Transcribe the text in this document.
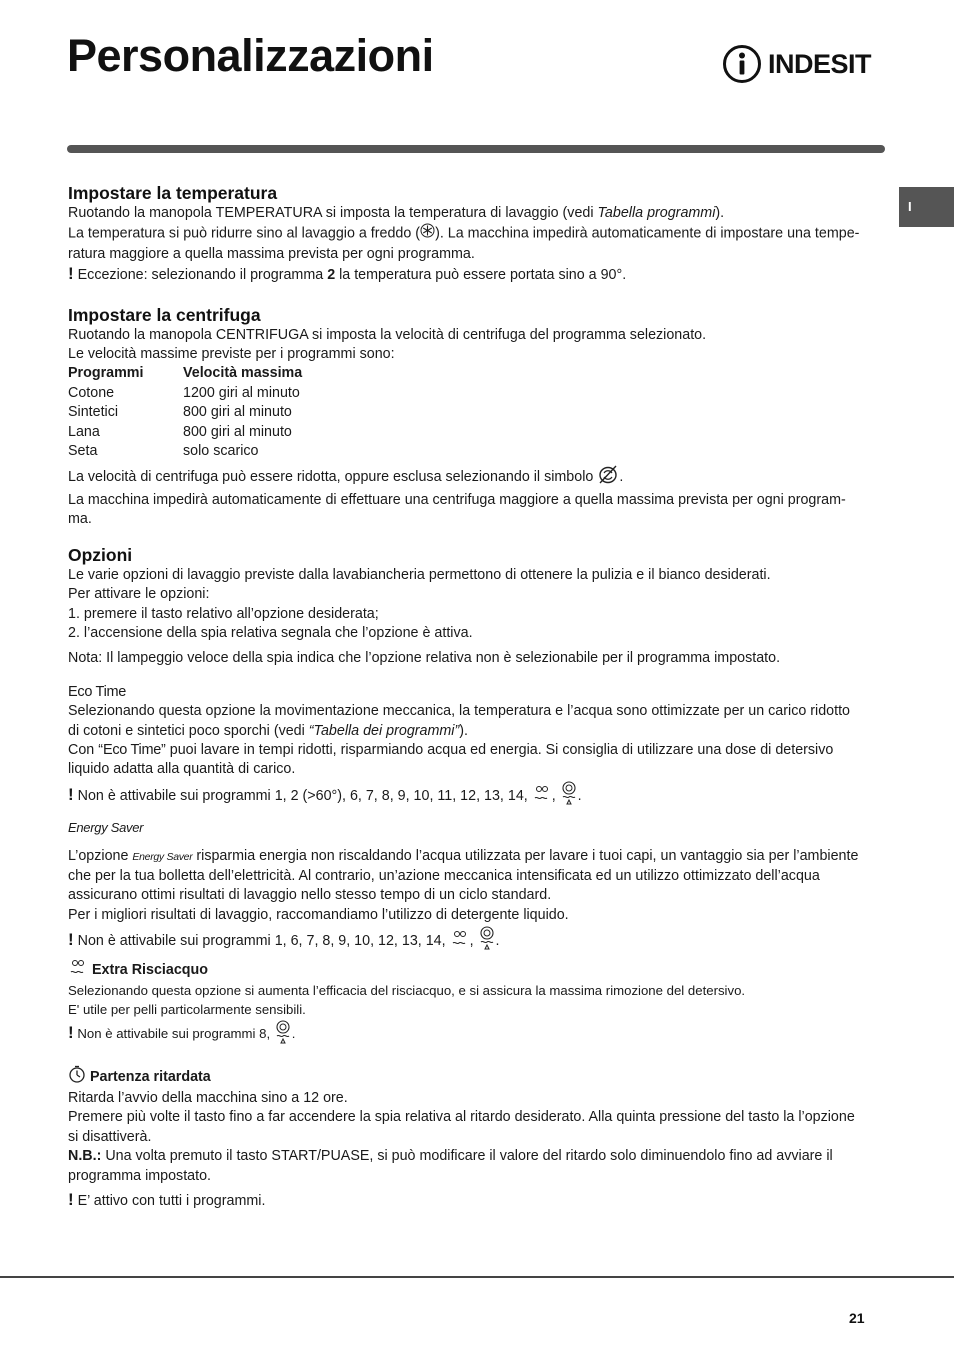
Personalizzazioni	INDESIT
I
Impostare la temperatura

Ruotando la manopola TEMPERATURA si imposta la temperatura di lavaggio (vedi Tabella programmi).

La temperatura si può ridurre sino al lavaggio a freddo ( ). La macchina impedirà automaticamente di impostare una tempe-

ratura maggiore a quella massima prevista per ogni programma.

! Eccezione: selezionando il programma 2 la temperatura può essere portata sino a 90°.

Impostare la centrifuga

Ruotando la manopola CENTRIFUGA si imposta la velocità di centrifuga del programma selezionato.

Le velocità massime previste per i programmi sono:

Programmi	Velocità massima
Cotone	1200 giri al minuto
Sintetici	800 giri al minuto
Lana	800 giri al minuto
Seta	solo scarico

La velocità di centrifuga può essere ridotta, oppure esclusa selezionando il simbolo .

La macchina impedirà automaticamente di effettuare una centrifuga maggiore a quella massima prevista per ogni program-

ma.

Opzioni

Le varie opzioni di lavaggio previste dalla lavabiancheria permettono di ottenere la pulizia e il bianco desiderati.

Per attivare le opzioni:

1. premere il tasto relativo all’opzione desiderata;

2. l’accensione della spia relativa segnala che l’opzione è attiva.

Nota: Il lampeggio veloce della spia indica che l’opzione relativa non è selezionabile per il programma impostato.

Eco Time

Selezionando questa opzione la movimentazione meccanica, la temperatura e l’acqua sono ottimizzate per un carico ridotto

di cotoni e sintetici poco sporchi (vedi “Tabella dei programmi”).

Con “Eco Time” puoi lavare in tempi ridotti, risparmiando acqua ed energia. Si consiglia di utilizzare una dose di detersivo

liquido adatta alla quantità di carico.

! Non è attivabile sui programmi 1, 2 (>60°), 6, 7, 8, 9, 10, 11, 12, 13, 14, , .

Energy Saver

L’opzione Energy Saver risparmia energia non riscaldando l’acqua utilizzata per lavare i tuoi capi, un vantaggio sia per l’ambiente

che per la tua bolletta dell’elettricità. Al contrario, un’azione meccanica intensificata ed un utilizzo ottimizzato dell’acqua

assicurano ottimi risultati di lavaggio nello stesso tempo di un ciclo standard.

Per i migliori risultati di lavaggio, raccomandiamo l’utilizzo di detergente liquido.

! Non è attivabile sui programmi 1, 6, 7, 8, 9, 10, 12, 13, 14, , .

Extra Risciacquo

Selezionando questa opzione si aumenta l’efficacia del risciacquo, e si assicura la massima rimozione del detersivo.

E' utile per pelli particolarmente sensibili.

! Non è attivabile sui programmi 8, .

Partenza ritardata

Ritarda l’avvio della macchina sino a 12 ore.

Premere più volte il tasto fino a far accendere la spia relativa al ritardo desiderato. Alla quinta pressione del tasto la l’opzione

si disattiverà.

N.B.: Una volta premuto il tasto START/PUASE, si può modificare il valore del ritardo solo diminuendolo fino ad avviare il

programma impostato.

! E’ attivo con tutti i programmi.

21
